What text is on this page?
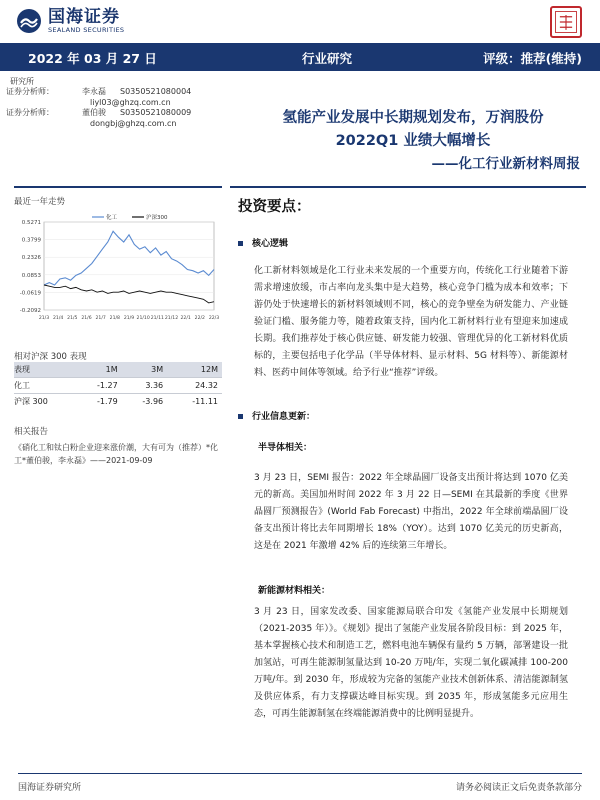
国海证券
SEALAND SECURITIES
2022 年 03 月 27 日	行业研究	评级：推荐(维持)
研究所
证券分析师：	李永磊 S0350521080004
liyl03@ghzq.com.cn
证券分析师：	董伯骏 S0350521080009
dongbj@ghzq.com.cn	氢能产业发展中长期规划发布，万润股份
2022Q1 业绩大幅增长
——化工行业新材料周报
最近一年走势
0.5271
0.3799
0.2326
0.0853
-0.0619
-0.2092
21/3 21/4 21/5 21/6 21/7 21/8 21/9 21/10 21/11 21/12 22/1 22/2 22/3
化工	沪深300
相对沪深 300 表现
表现	1M	3M	12M
化工	-1.27	3.36	24.32
沪深 300	-1.79	-3.96	-11.11
相关报告
《硝化工和钛白粉企业迎来涨价潮，大有可为（推荐）*化工*董伯骏，李永磊》——2021-09-09
投资要点：
核心逻辑
化工新材料领域是化工行业未来发展的一个重要方向，传统化工行业随着下游需求增速放缓，市占率向龙头集中是大趋势，核心竞争门槛为成本和效率；下游仍处于快速增长的新材料领域则不同，核心的竞争壁垒为研发能力、产业链验证门槛、服务能力等，随着政策支持，国内化工新材料行业有望迎来加速成长期。我们推荐处于核心供应链、研发能力较强、管理优异的化工新材料优质标的，主要包括电子化学品（半导体材料、显示材料、5G 材料等）、新能源材料、医药中间体等领域。给予行业“推荐”评级。
行业信息更新：
半导体相关：
3 月 23 日，SEMI 报告：2022 年全球晶圆厂设备支出预计将达到 1070 亿美元的新高。美国加州时间 2022 年 3 月 22 日—SEMI 在其最新的季度《世界晶圆厂预测报告》(World Fab Forecast) 中指出，2022 年全球前端晶圆厂设备支出预计将比去年同期增长 18%（YOY）。达到 1070 亿美元的历史新高，这是在 2021 年激增 42% 后的连续第三年增长。
新能源材料相关：
3 月 23 日，国家发改委、国家能源局联合印发《氢能产业发展中长期规划（2021-2035 年）》。《规划》提出了氢能产业发展各阶段目标：到 2025 年，基本掌握核心技术和制造工艺，燃料电池车辆保有量约 5 万辆，部署建设一批加氢站，可再生能源制氢量达到 10-20 万吨/年，实现二氧化碳减排 100-200 万吨/年。到 2030 年，形成较为完备的氢能产业技术创新体系、清洁能源制氢及供应体系，有力支撑碳达峰目标实现。到 2035 年，形成氢能多元应用生态，可再生能源制氢在终端能源消费中的比例明显提升。
国海证券研究所	请务必阅读正文后免责条款部分
